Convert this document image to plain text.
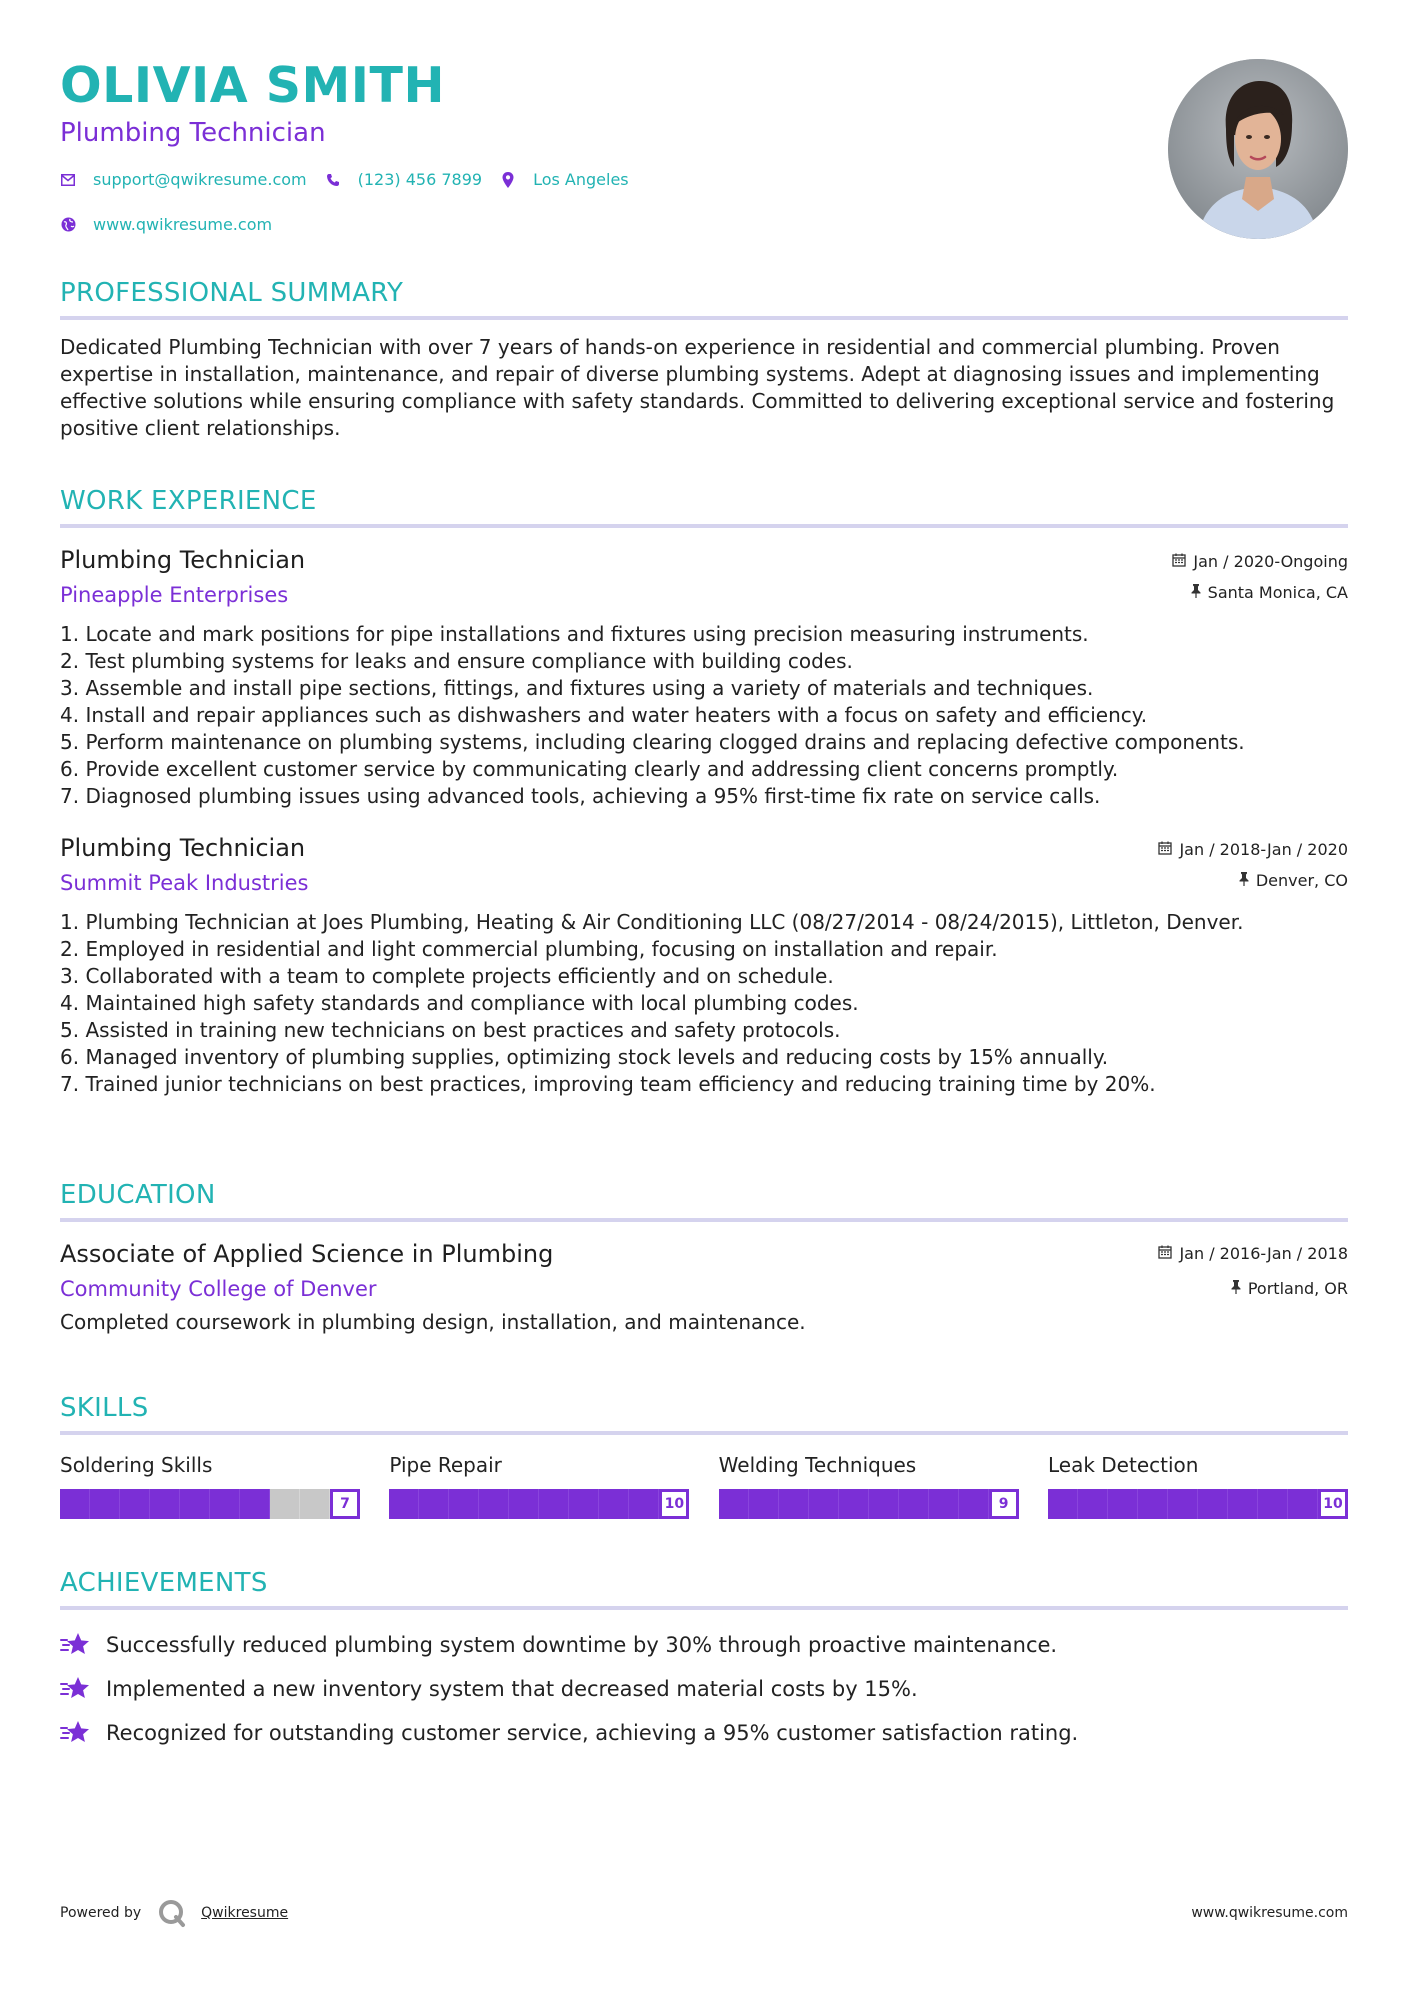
OLIVIA SMITH
Plumbing Technician
support@qwikresume.com	(123) 456 7899	Los Angeles
www.qwikresume.com
PROFESSIONAL SUMMARY
Dedicated Plumbing Technician with over 7 years of hands-on experience in residential and commercial plumbing. Proven expertise in installation, maintenance, and repair of diverse plumbing systems. Adept at diagnosing issues and implementing effective solutions while ensuring compliance with safety standards. Committed to delivering exceptional service and fostering positive client relationships.
WORK EXPERIENCE
Plumbing Technician
Pineapple Enterprises
Jan / 2020-Ongoing
Santa Monica, CA
1. Locate and mark positions for pipe installations and fixtures using precision measuring instruments.
2. Test plumbing systems for leaks and ensure compliance with building codes.
3. Assemble and install pipe sections, fittings, and fixtures using a variety of materials and techniques.
4. Install and repair appliances such as dishwashers and water heaters with a focus on safety and efficiency.
5. Perform maintenance on plumbing systems, including clearing clogged drains and replacing defective components.
6. Provide excellent customer service by communicating clearly and addressing client concerns promptly.
7. Diagnosed plumbing issues using advanced tools, achieving a 95% first-time fix rate on service calls.
Plumbing Technician
Summit Peak Industries
Jan / 2018-Jan / 2020
Denver, CO
1. Plumbing Technician at Joes Plumbing, Heating & Air Conditioning LLC (08/27/2014 - 08/24/2015), Littleton, Denver.
2. Employed in residential and light commercial plumbing, focusing on installation and repair.
3. Collaborated with a team to complete projects efficiently and on schedule.
4. Maintained high safety standards and compliance with local plumbing codes.
5. Assisted in training new technicians on best practices and safety protocols.
6. Managed inventory of plumbing supplies, optimizing stock levels and reducing costs by 15% annually.
7. Trained junior technicians on best practices, improving team efficiency and reducing training time by 20%.
EDUCATION
Associate of Applied Science in Plumbing
Community College of Denver
Jan / 2016-Jan / 2018
Portland, OR
Completed coursework in plumbing design, installation, and maintenance.
SKILLS
Soldering Skills
7
Pipe Repair
10
Welding Techniques
9
Leak Detection
10
ACHIEVEMENTS
Successfully reduced plumbing system downtime by 30% through proactive maintenance.
Implemented a new inventory system that decreased material costs by 15%.
Recognized for outstanding customer service, achieving a 95% customer satisfaction rating.
Powered by	Qwikresume	www.qwikresume.com
